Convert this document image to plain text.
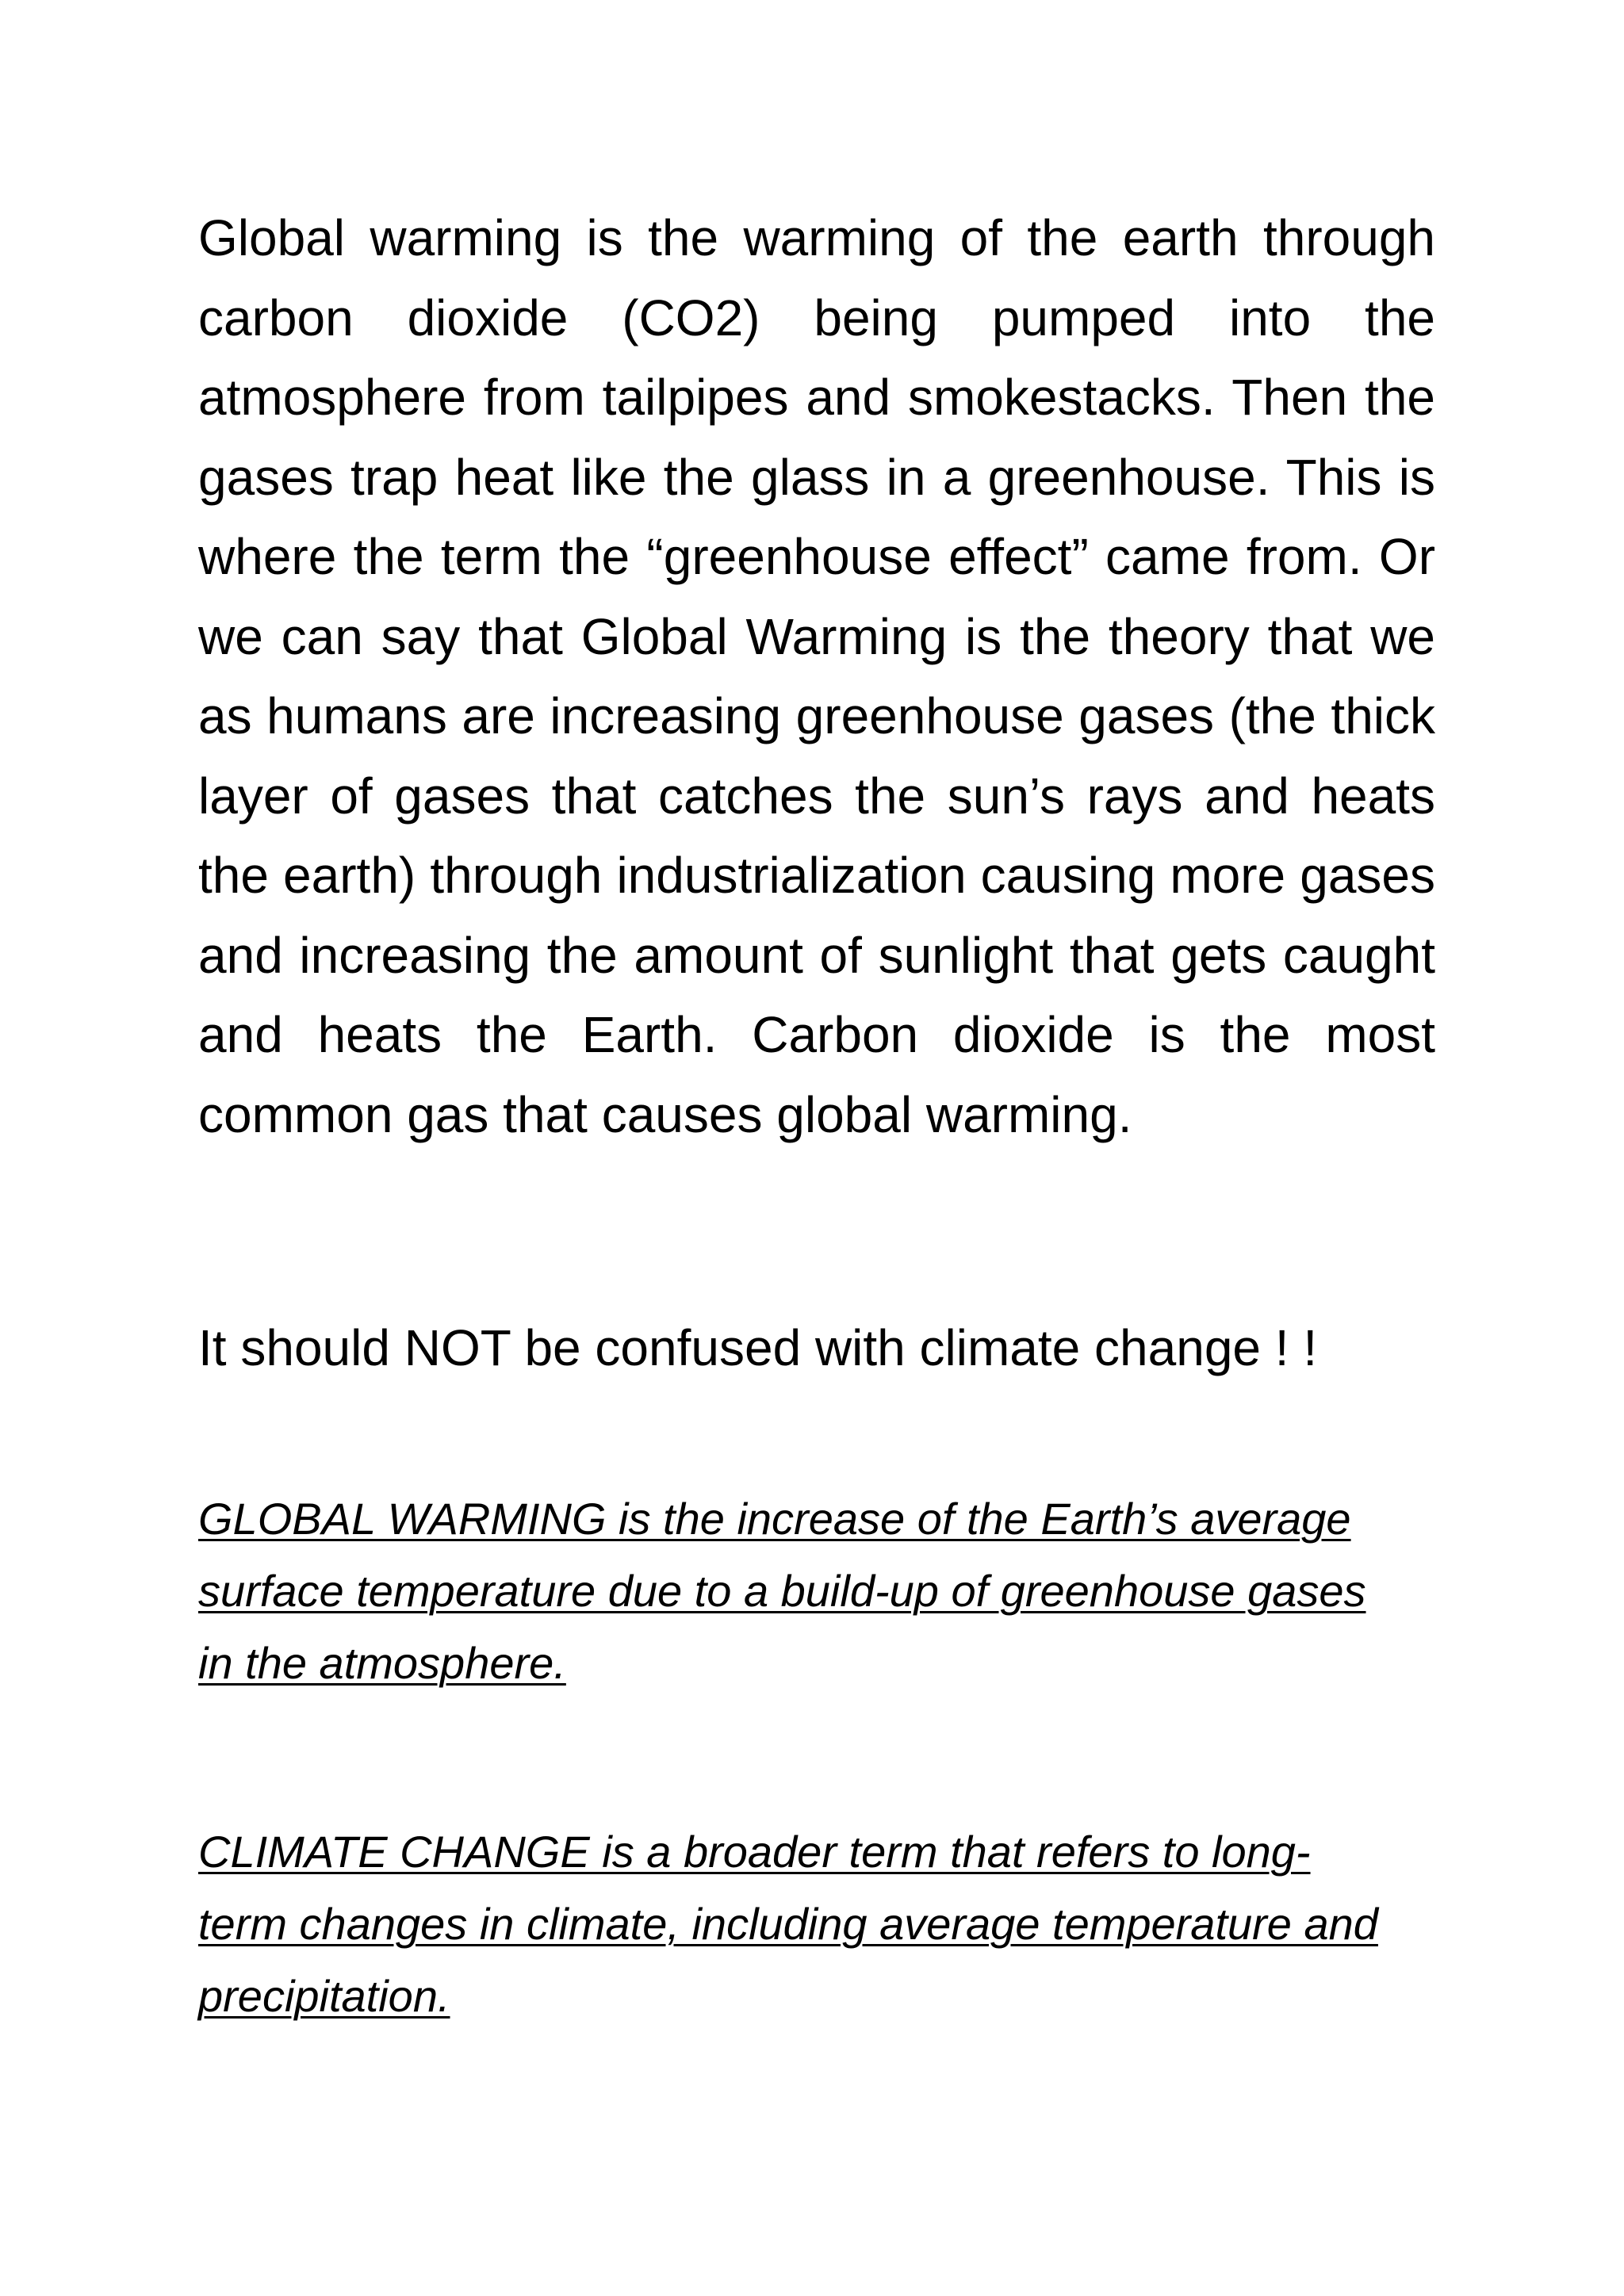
Global warming is the warming of the earth through carbon dioxide (CO2) being pumped into the atmosphere from tailpipes and smokestacks. Then the gases trap heat like the glass in a greenhouse. This is where the term the “greenhouse effect” came from. Or we can say that Global Warming is the theory that we as humans are increasing greenhouse gases (the thick layer of gases that catches the sun’s rays and heats the earth) through industrialization causing more gases and increasing the amount of sunlight that gets caught and heats the Earth. Carbon dioxide is the most common gas that causes global warming.

It should NOT be confused with climate change ! !

GLOBAL WARMING is the increase of the Earth’s average surface temperature due to a build-up of greenhouse gases in the atmosphere.

CLIMATE CHANGE is a broader term that refers to long-term changes in climate, including average temperature and precipitation.
